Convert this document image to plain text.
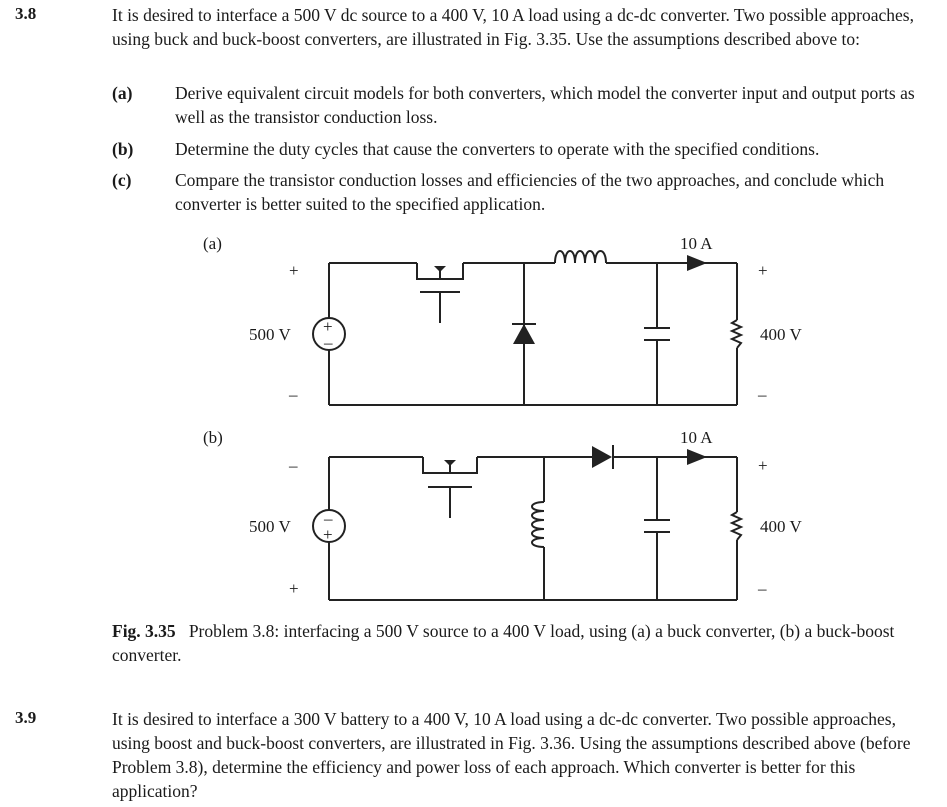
3.8	It is desired to interface a 500 V dc source to a 400 V, 10 A load using a dc-dc converter. Two possible approaches, using buck and buck-boost converters, are illustrated in Fig. 3.35. Use the assumptions described above to:
(a) Derive equivalent circuit models for both converters, which model the converter input and output ports as well as the transistor conduction loss.
(b) Determine the duty cycles that cause the converters to operate with the specified conditions.
(c) Compare the transistor conduction losses and efficiencies of the two approaches, and conclude which converter is better suited to the specified application.
(a)	10 A
+
–
500 V
+
–
400 V
+
–
(b)	10 A
–
+
500 V
+
–
400 V
–
+
Fig. 3.35 Problem 3.8: interfacing a 500 V source to a 400 V load, using (a) a buck converter, (b) a buck-boost converter.
3.9	It is desired to interface a 300 V battery to a 400 V, 10 A load using a dc-dc converter. Two possible approaches, using boost and buck-boost converters, are illustrated in Fig. 3.36. Using the assumptions described above (before Problem 3.8), determine the efficiency and power loss of each approach. Which converter is better for this application?
